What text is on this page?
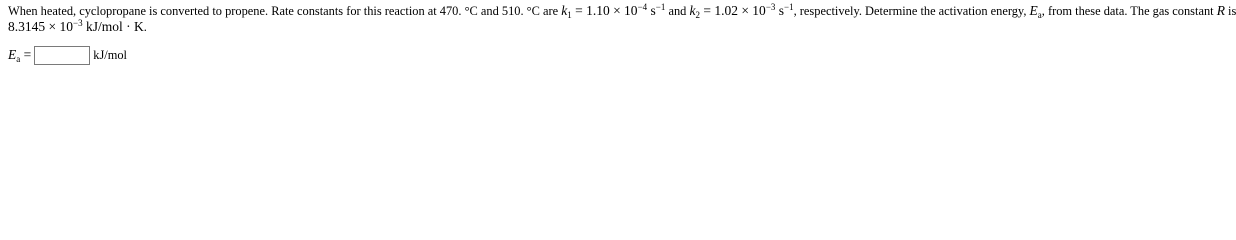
When heated, cyclopropane is converted to propene. Rate constants for this reaction at 470. °C and 510. °C are $k_1 = 1.10 \times 10^{-4}$ $s^{-1}$ and $k_2 = 1.02 \times 10^{-3}$ $s^{-1}$, respectively. Determine the activation energy, $E_a$, from these data. The gas constant R is
$8.3145 \times 10^{-3}$ kJ/mol · K.
$E_a$ =	kJ/mol
